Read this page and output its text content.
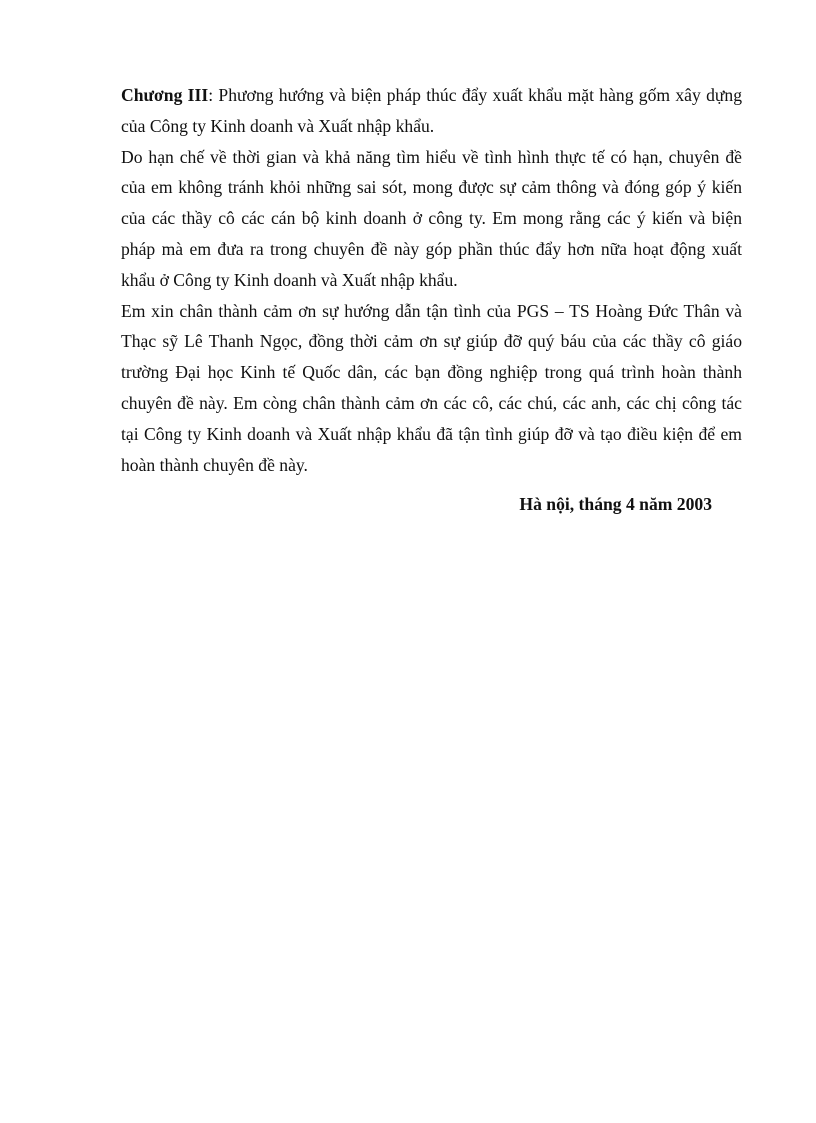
Chương III: Phương hướng và biện pháp thúc đẩy xuất khẩu mặt hàng gốm xây dựng của Công ty Kinh doanh và Xuất nhập khẩu.

Do hạn chế về thời gian và khả năng tìm hiểu về tình hình thực tế có hạn, chuyên đề của em không tránh khỏi những sai sót, mong được sự cảm thông và đóng góp ý kiến của các thầy cô các cán bộ kinh doanh ở công ty. Em mong rằng các ý kiến và biện pháp mà em đưa ra trong chuyên đề này góp phần thúc đẩy hơn nữa hoạt động xuất khẩu ở Công ty Kinh doanh và Xuất nhập khẩu.

Em xin chân thành cảm ơn sự hướng dẫn tận tình của PGS – TS Hoàng Đức Thân và Thạc sỹ Lê Thanh Ngọc, đồng thời cảm ơn sự giúp đỡ quý báu của các thầy cô giáo trường Đại học Kinh tế Quốc dân, các bạn đồng nghiệp trong quá trình hoàn thành chuyên đề này. Em còng chân thành cảm ơn các cô, các chú, các anh, các chị công tác tại Công ty Kinh doanh và Xuất nhập khẩu đã tận tình giúp đỡ và tạo điều kiện để em hoàn thành chuyên đề này.

Hà nội, tháng 4 năm 2003
